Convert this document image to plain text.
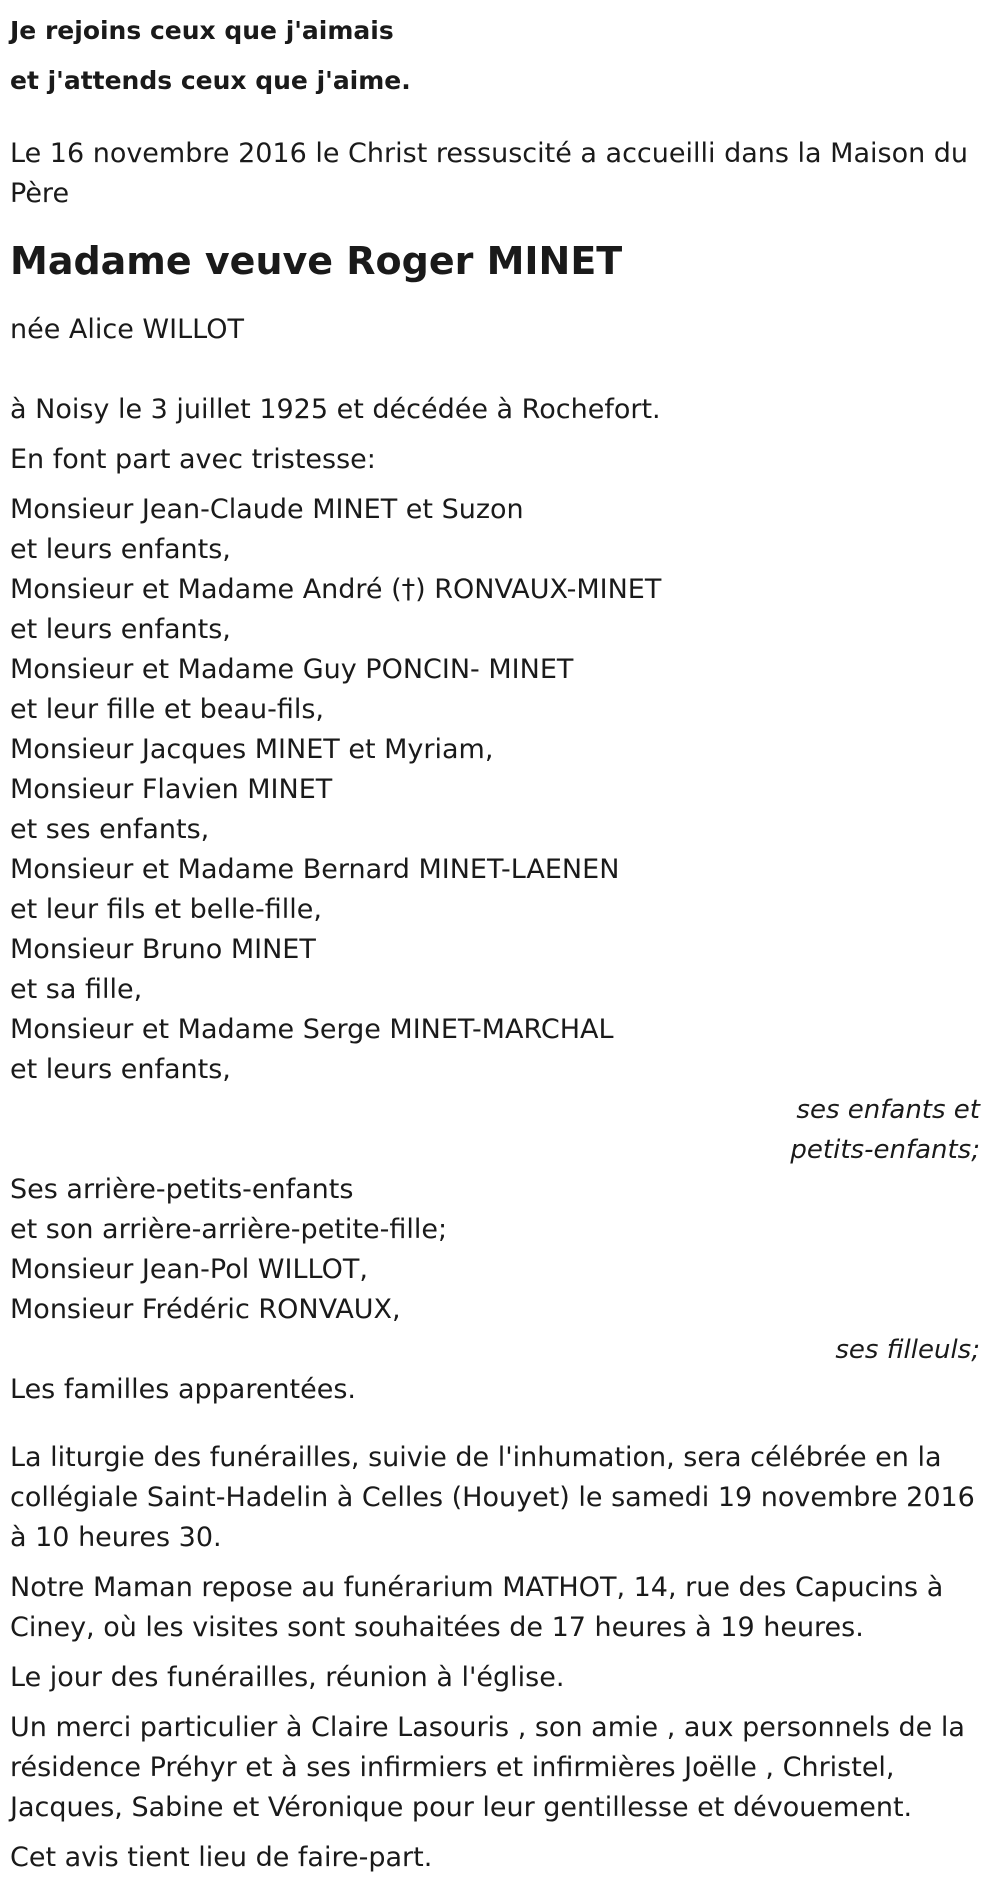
Je rejoins ceux que j'aimais

et j'attends ceux que j'aime.

Le 16 novembre 2016 le Christ ressuscité a accueilli dans la Maison du Père

Madame veuve Roger MINET

née Alice WILLOT

à Noisy le 3 juillet 1925 et décédée à Rochefort.

En font part avec tristesse:

Monsieur Jean-Claude MINET et Suzon

et leurs enfants,

Monsieur et Madame André (†) RONVAUX-MINET

et leurs enfants,

Monsieur et Madame Guy PONCIN- MINET

et leur fille et beau-fils,

Monsieur Jacques MINET et Myriam,

Monsieur Flavien MINET

et ses enfants,

Monsieur et Madame Bernard MINET-LAENEN

et leur fils et belle-fille,

Monsieur Bruno MINET

et sa fille,

Monsieur et Madame Serge MINET-MARCHAL

et leurs enfants,

ses enfants et

petits-enfants;

Ses arrière-petits-enfants

et son arrière-arrière-petite-fille;

Monsieur Jean-Pol WILLOT,

Monsieur Frédéric RONVAUX,

ses filleuls;

Les familles apparentées.

La liturgie des funérailles, suivie de l'inhumation, sera célébrée en la collégiale Saint-Hadelin à Celles (Houyet) le samedi 19 novembre 2016 à 10 heures 30.

Notre Maman repose au funérarium MATHOT, 14, rue des Capucins à Ciney, où les visites sont souhaitées de 17 heures à 19 heures.

Le jour des funérailles, réunion à l'église.

Un merci particulier à Claire Lasouris , son amie , aux personnels de la résidence Préhyr et à ses infirmiers et infirmières Joëlle , Christel, Jacques, Sabine et Véronique pour leur gentillesse et dévouement.

Cet avis tient lieu de faire-part.
